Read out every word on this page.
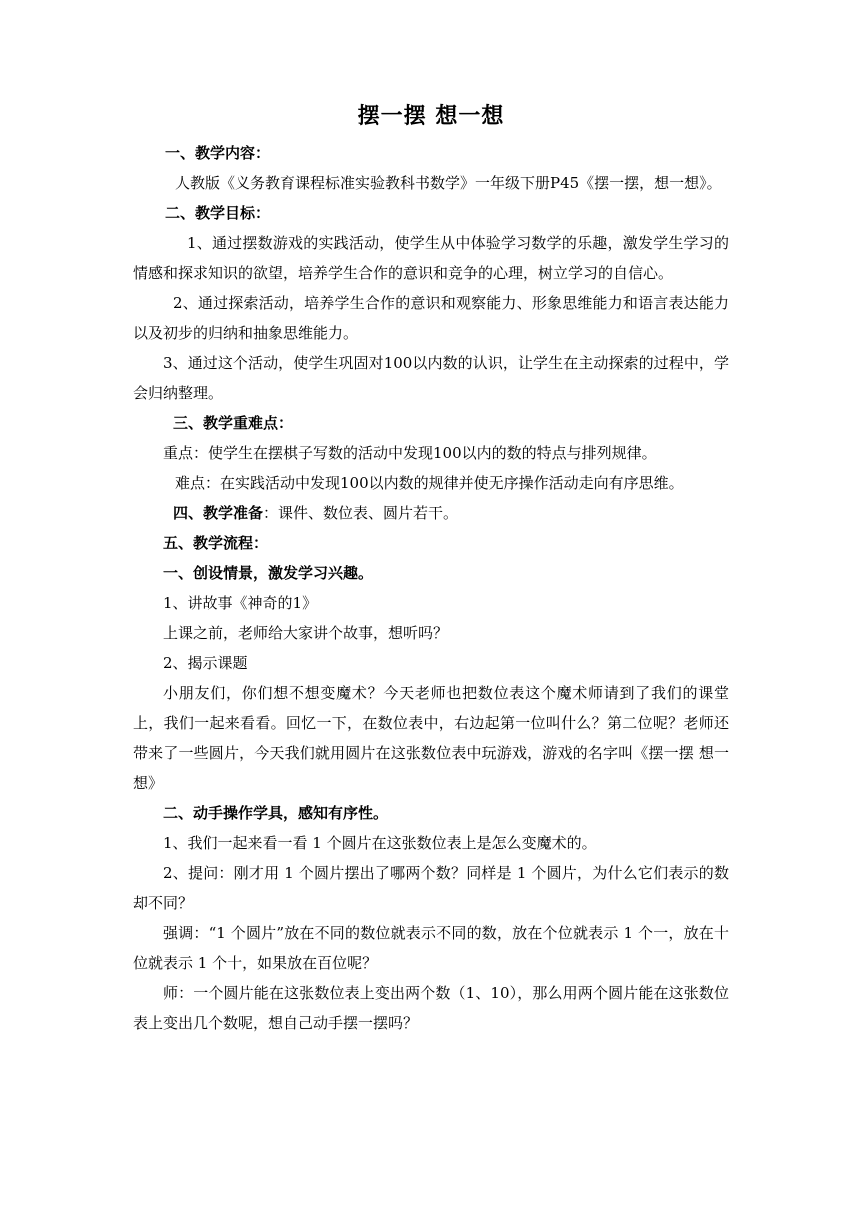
摆一摆 想一想

一、教学内容：

人教版《义务教育课程标准实验教科书数学》一年级下册P45《摆一摆，想一想》。

二、教学目标：

1、通过摆数游戏的实践活动，使学生从中体验学习数学的乐趣，激发学生学习的情感和探求知识的欲望，培养学生合作的意识和竞争的心理，树立学习的自信心。

2、通过探索活动，培养学生合作的意识和观察能力、形象思维能力和语言表达能力以及初步的归纳和抽象思维能力。

3、通过这个活动，使学生巩固对100以内数的认识，让学生在主动探索的过程中，学会归纳整理。

三、教学重难点：

重点：使学生在摆棋子写数的活动中发现100以内的数的特点与排列规律。

难点：在实践活动中发现100以内数的规律并使无序操作活动走向有序思维。

四、教学准备：课件、数位表、圆片若干。

五、教学流程：

一、创设情景，激发学习兴趣。

1、讲故事《神奇的1》

上课之前，老师给大家讲个故事，想听吗？

2、揭示课题

小朋友们，你们想不想变魔术？今天老师也把数位表这个魔术师请到了我们的课堂上，我们一起来看看。回忆一下，在数位表中，右边起第一位叫什么？第二位呢？老师还带来了一些圆片，今天我们就用圆片在这张数位表中玩游戏，游戏的名字叫《摆一摆 想一想》

二、动手操作学具，感知有序性。

1、我们一起来看一看 1 个圆片在这张数位表上是怎么变魔术的。

2、提问：刚才用 1 个圆片摆出了哪两个数？同样是 1 个圆片，为什么它们表示的数却不同？

强调：“1 个圆片”放在不同的数位就表示不同的数，放在个位就表示 1 个一，放在十位就表示 1 个十，如果放在百位呢？

师：一个圆片能在这张数位表上变出两个数（1、10），那么用两个圆片能在这张数位表上变出几个数呢，想自己动手摆一摆吗？
